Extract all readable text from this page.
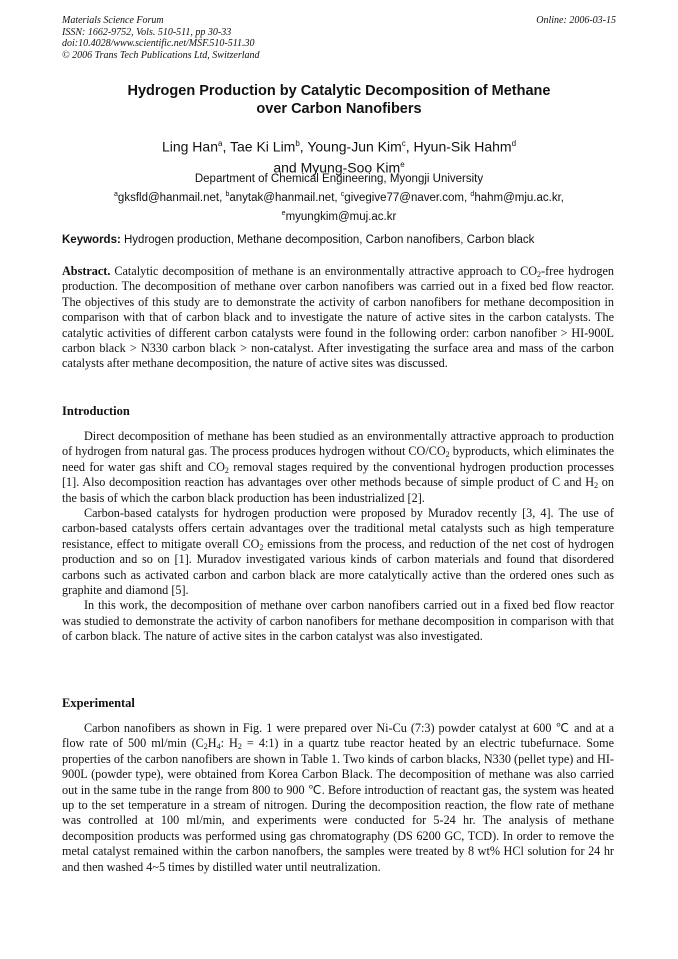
Materials Science Forum
ISSN: 1662-9752, Vols. 510-511, pp 30-33
doi:10.4028/www.scientific.net/MSF.510-511.30
© 2006 Trans Tech Publications Ltd, Switzerland
Online: 2006-03-15
Hydrogen Production by Catalytic Decomposition of Methane
over Carbon Nanofibers
Ling Han$^a$, Tae Ki Lim$^b$, Young-Jun Kim$^c$, Hyun-Sik Hahm$^d$
and Myung-Soo Kim$^e$
Department of Chemical Engineering, Myongji University
$^a$gksfld@hanmail.net, $^b$anytak@hanmail.net, $^c$givegive77@naver.com, $^d$hahm@mju.ac.kr,
$^e$myungkim@muj.ac.kr
Keywords: Hydrogen production, Methane decomposition, Carbon nanofibers, Carbon black

Abstract. Catalytic decomposition of methane is an environmentally attractive approach to $CO_2$-free hydrogen production. The decomposition of methane over carbon nanofibers was carried out in a fixed bed flow reactor. The objectives of this study are to demonstrate the activity of carbon nanofibers for methane decomposition in comparison with that of carbon black and to investigate the nature of active sites in the carbon catalysts. The catalytic activities of different carbon catalysts were found in the following order: carbon nanofiber > HI-900L carbon black > N330 carbon black > non-catalyst. After investigating the surface area and mass of the carbon catalysts after methane decomposition, the nature of active sites was discussed.

Introduction

Direct decomposition of methane has been studied as an environmentally attractive approach to production of hydrogen from natural gas. The process produces hydrogen without $CO/CO_2$ byproducts, which eliminates the need for water gas shift and $CO_2$ removal stages required by the conventional hydrogen production processes [1]. Also decomposition reaction has advantages over other methods because of simple product of C and $H_2$ on the basis of which the carbon black production has been industrialized [2].

Carbon-based catalysts for hydrogen production were proposed by Muradov recently [3, 4]. The use of carbon-based catalysts offers certain advantages over the traditional metal catalysts such as high temperature resistance, effect to mitigate overall $CO_2$ emissions from the process, and reduction of the net cost of hydrogen production and so on [1]. Muradov investigated various kinds of carbon materials and found that disordered carbons such as activated carbon and carbon black are more catalytically active than the ordered ones such as graphite and diamond [5].

In this work, the decomposition of methane over carbon nanofibers carried out in a fixed bed flow reactor was studied to demonstrate the activity of carbon nanofibers for methane decomposition in comparison with that of carbon black. The nature of active sites in the carbon catalyst was also investigated.

Experimental

Carbon nanofibers as shown in Fig. 1 were prepared over Ni-Cu (7:3) powder catalyst at 600 ℃ and at a flow rate of 500 ml/min ($C_2H_4$: $H_2$ = 4:1) in a quartz tube reactor heated by an electric tubefurnace. Some properties of the carbon nanofibers are shown in Table 1. Two kinds of carbon blacks, N330 (pellet type) and HI-900L (powder type), were obtained from Korea Carbon Black. The decomposition of methane was also carried out in the same tube in the range from 800 to 900 ℃. Before introduction of reactant gas, the system was heated up to the set temperature in a stream of nitrogen. During the decomposition reaction, the flow rate of methane was controlled at 100 ml/min, and experiments were conducted for 5-24 hr. The analysis of methane decomposition products was performed using gas chromatography (DS 6200 GC, TCD). In order to remove the metal catalyst remained within the carbon nanofbers, the samples were treated by 8 wt% HCl solution for 24 hr and then washed 4~5 times by distilled water until neutralization.
